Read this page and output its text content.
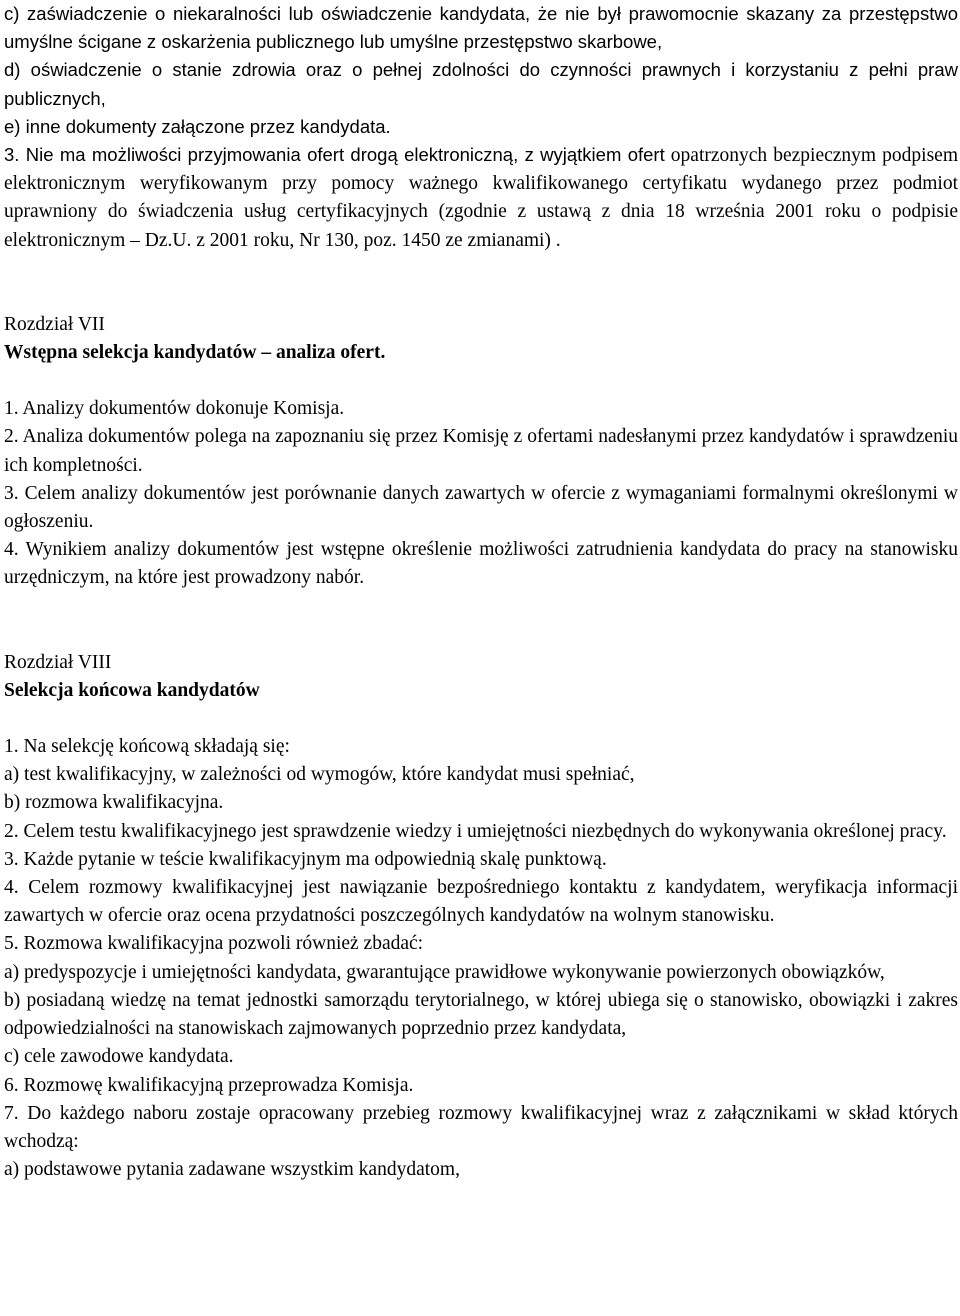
c) zaświadczenie o niekaralności lub oświadczenie kandydata, że nie był prawomocnie skazany za przestępstwo umyślne ścigane z oskarżenia publicznego lub umyślne przestępstwo skarbowe,

d) oświadczenie o stanie zdrowia oraz o pełnej zdolności do czynności prawnych i korzystaniu z pełni praw publicznych,

e) inne dokumenty załączone przez kandydata.

3. Nie ma możliwości przyjmowania ofert drogą elektroniczną, z wyjątkiem ofert opatrzonych bezpiecznym podpisem elektronicznym weryfikowanym przy pomocy ważnego kwalifikowanego certyfikatu wydanego przez podmiot uprawniony do świadczenia usług certyfikacyjnych (zgodnie z ustawą z dnia 18 września 2001 roku o podpisie elektronicznym – Dz.U. z 2001 roku, Nr 130, poz. 1450 ze zmianami) .

Rozdział VII

Wstępna selekcja kandydatów – analiza ofert.

1. Analizy dokumentów dokonuje Komisja.

2. Analiza dokumentów polega na zapoznaniu się przez Komisję z ofertami nadesłanymi przez kandydatów i sprawdzeniu ich kompletności.

3. Celem analizy dokumentów jest porównanie danych zawartych w ofercie z wymaganiami formalnymi określonymi w ogłoszeniu.

4. Wynikiem analizy dokumentów jest wstępne określenie możliwości zatrudnienia kandydata do pracy na stanowisku urzędniczym, na które jest prowadzony nabór.

Rozdział VIII

Selekcja końcowa kandydatów

1. Na selekcję końcową składają się:

a) test kwalifikacyjny, w zależności od wymogów, które kandydat musi spełniać,

b) rozmowa kwalifikacyjna.

2. Celem testu kwalifikacyjnego jest sprawdzenie wiedzy i umiejętności niezbędnych do wykonywania określonej pracy.

3. Każde pytanie w teście kwalifikacyjnym ma odpowiednią skalę punktową.

4. Celem rozmowy kwalifikacyjnej jest nawiązanie bezpośredniego kontaktu z kandydatem, weryfikacja informacji zawartych w ofercie oraz ocena przydatności poszczególnych kandydatów na wolnym stanowisku.

5. Rozmowa kwalifikacyjna pozwoli również zbadać:

a) predyspozycje i umiejętności kandydata, gwarantujące prawidłowe wykonywanie powierzonych obowiązków,

b) posiadaną wiedzę na temat jednostki samorządu terytorialnego, w której ubiega się o stanowisko, obowiązki i zakres odpowiedzialności na stanowiskach zajmowanych poprzednio przez kandydata,

c) cele zawodowe kandydata.

6. Rozmowę kwalifikacyjną przeprowadza Komisja.

7. Do każdego naboru zostaje opracowany przebieg rozmowy kwalifikacyjnej wraz z załącznikami w skład których wchodzą:

a) podstawowe pytania zadawane wszystkim kandydatom,
